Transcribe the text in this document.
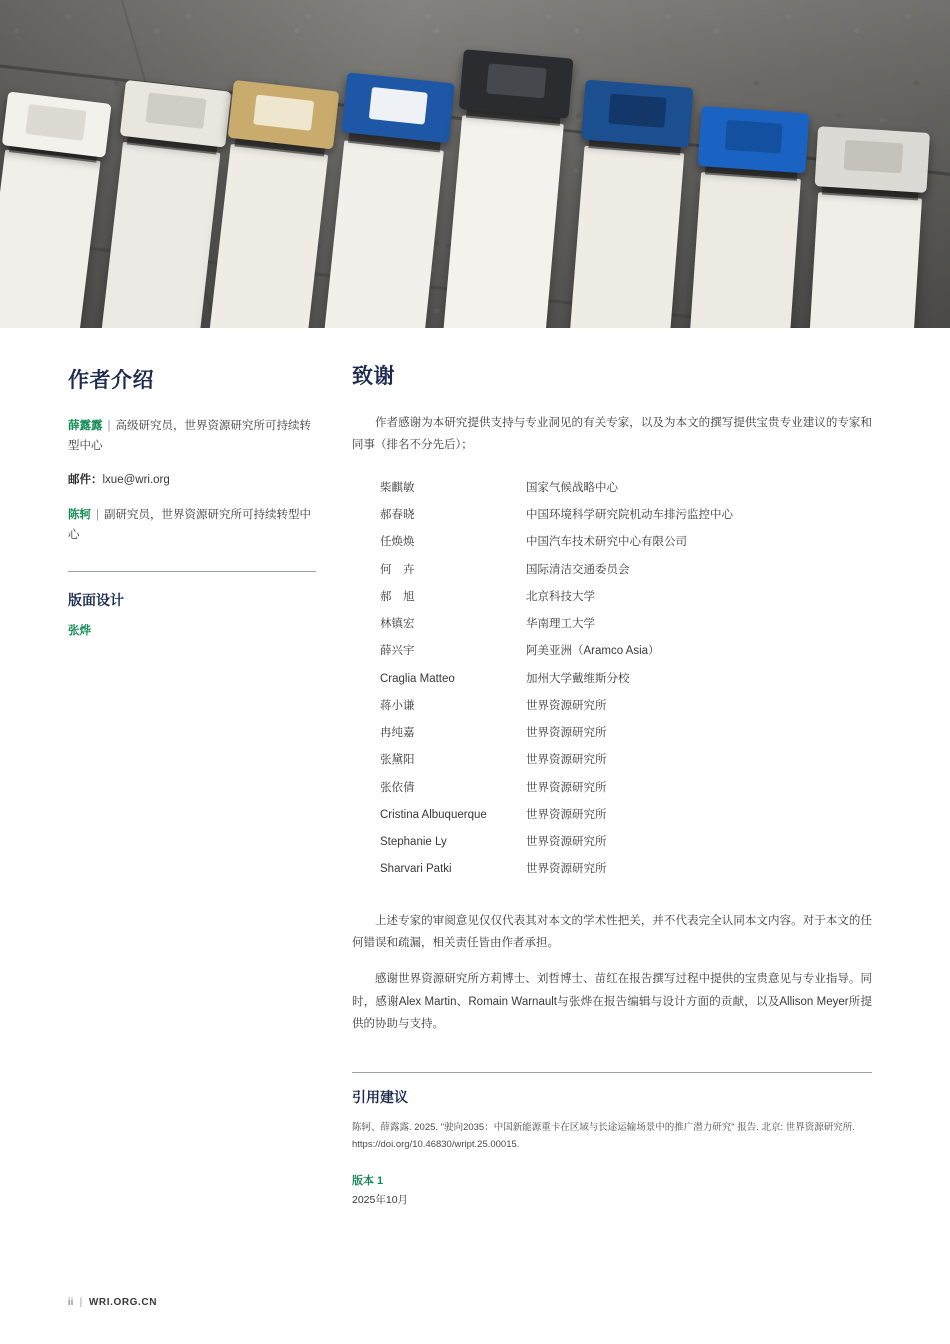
作者介绍
薛露露 | 高级研究员，世界资源研究所可持续转型中心
邮件：lxue@wri.org
陈轲 | 副研究员，世界资源研究所可持续转型中心
版面设计
张烨
致谢

作者感谢为本研究提供支持与专业洞见的有关专家，以及为本文的撰写提供宝贵专业建议的专家和同事（排名不分先后）；

柴麒敏	国家气候战略中心
郝春晓	中国环境科学研究院机动车排污监控中心
任焕焕	中国汽车技术研究中心有限公司
何　卉	国际清洁交通委员会
郝　旭	北京科技大学
林镇宏	华南理工大学
薛兴宇	阿美亚洲（Aramco Asia）
Craglia Matteo	加州大学戴维斯分校
蒋小谦	世界资源研究所
冉纯嘉	世界资源研究所
张黛阳	世界资源研究所
张依倩	世界资源研究所
Cristina Albuquerque	世界资源研究所
Stephanie Ly	世界资源研究所
Sharvari Patki	世界资源研究所

上述专家的审阅意见仅仅代表其对本文的学术性把关，并不代表完全认同本文内容。对于本文的任何错误和疏漏，相关责任皆由作者承担。

感谢世界资源研究所方莉博士、刘哲博士、苗红在报告撰写过程中提供的宝贵意见与专业指导。同时，感谢Alex Martin、Romain Warnault与张烨在报告编辑与设计方面的贡献，以及Allison Meyer所提供的协助与支持。

引用建议

陈轲、薛露露. 2025. "驶向2035：中国新能源重卡在区域与长途运输场景中的推广潜力研究" 报告. 北京: 世界资源研究所. https://doi.org/10.46830/wript.25.00015.

版本 1
2025年10月
ii | WRI.ORG.CN
